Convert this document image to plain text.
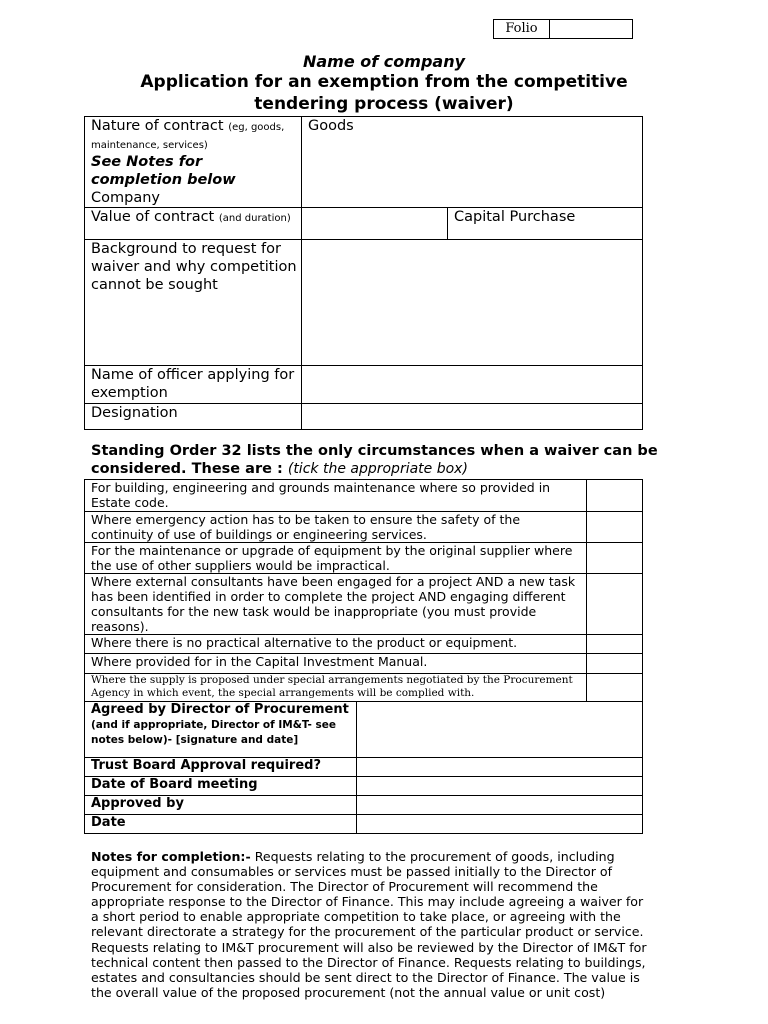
Folio
Name of company
Application for an exemption from the competitive
tendering process (waiver)
Nature of contract (eg, goods, maintenance, services)

See Notes for completion below
Company	Goods	
Value of contract (and duration)		Capital Purchase
Background to request for waiver and why competition cannot be sought		
Name of officer applying for exemption		
Designation		
Standing Order 32 lists the only circumstances when a waiver can be considered. These are : (tick the appropriate box)
For building, engineering and grounds maintenance where so provided in Estate code.	
Where emergency action has to be taken to ensure the safety of the continuity of use of buildings or engineering services.	
For the maintenance or upgrade of equipment by the original supplier where the use of other suppliers would be impractical.	
Where external consultants have been engaged for a project AND a new task has been identified in order to complete the project AND engaging different consultants for the new task would be inappropriate (you must provide reasons).	
Where there is no practical alternative to the product or equipment.	
Where provided for in the Capital Investment Manual.	
Where the supply is proposed under special arrangements negotiated by the Procurement Agency in which event, the special arrangements will be complied with.	
Agreed by Director of Procurement (and if appropriate, Director of IM&T- see notes below)- [signature and date]	
Trust Board Approval required?	
Date of Board meeting	
Approved by	
Date	
Notes for completion:- Requests relating to the procurement of goods, including equipment and consumables or services must be passed initially to the Director of Procurement for consideration. The Director of Procurement will recommend the appropriate response to the Director of Finance. This may include agreeing a waiver for a short period to enable appropriate competition to take place, or agreeing with the relevant directorate a strategy for the procurement of the particular product or service. Requests relating to IM&T procurement will also be reviewed by the Director of IM&T for technical content then passed to the Director of Finance. Requests relating to buildings, estates and consultancies should be sent direct to the Director of Finance. The value is the overall value of the proposed procurement (not the annual value or unit cost)
